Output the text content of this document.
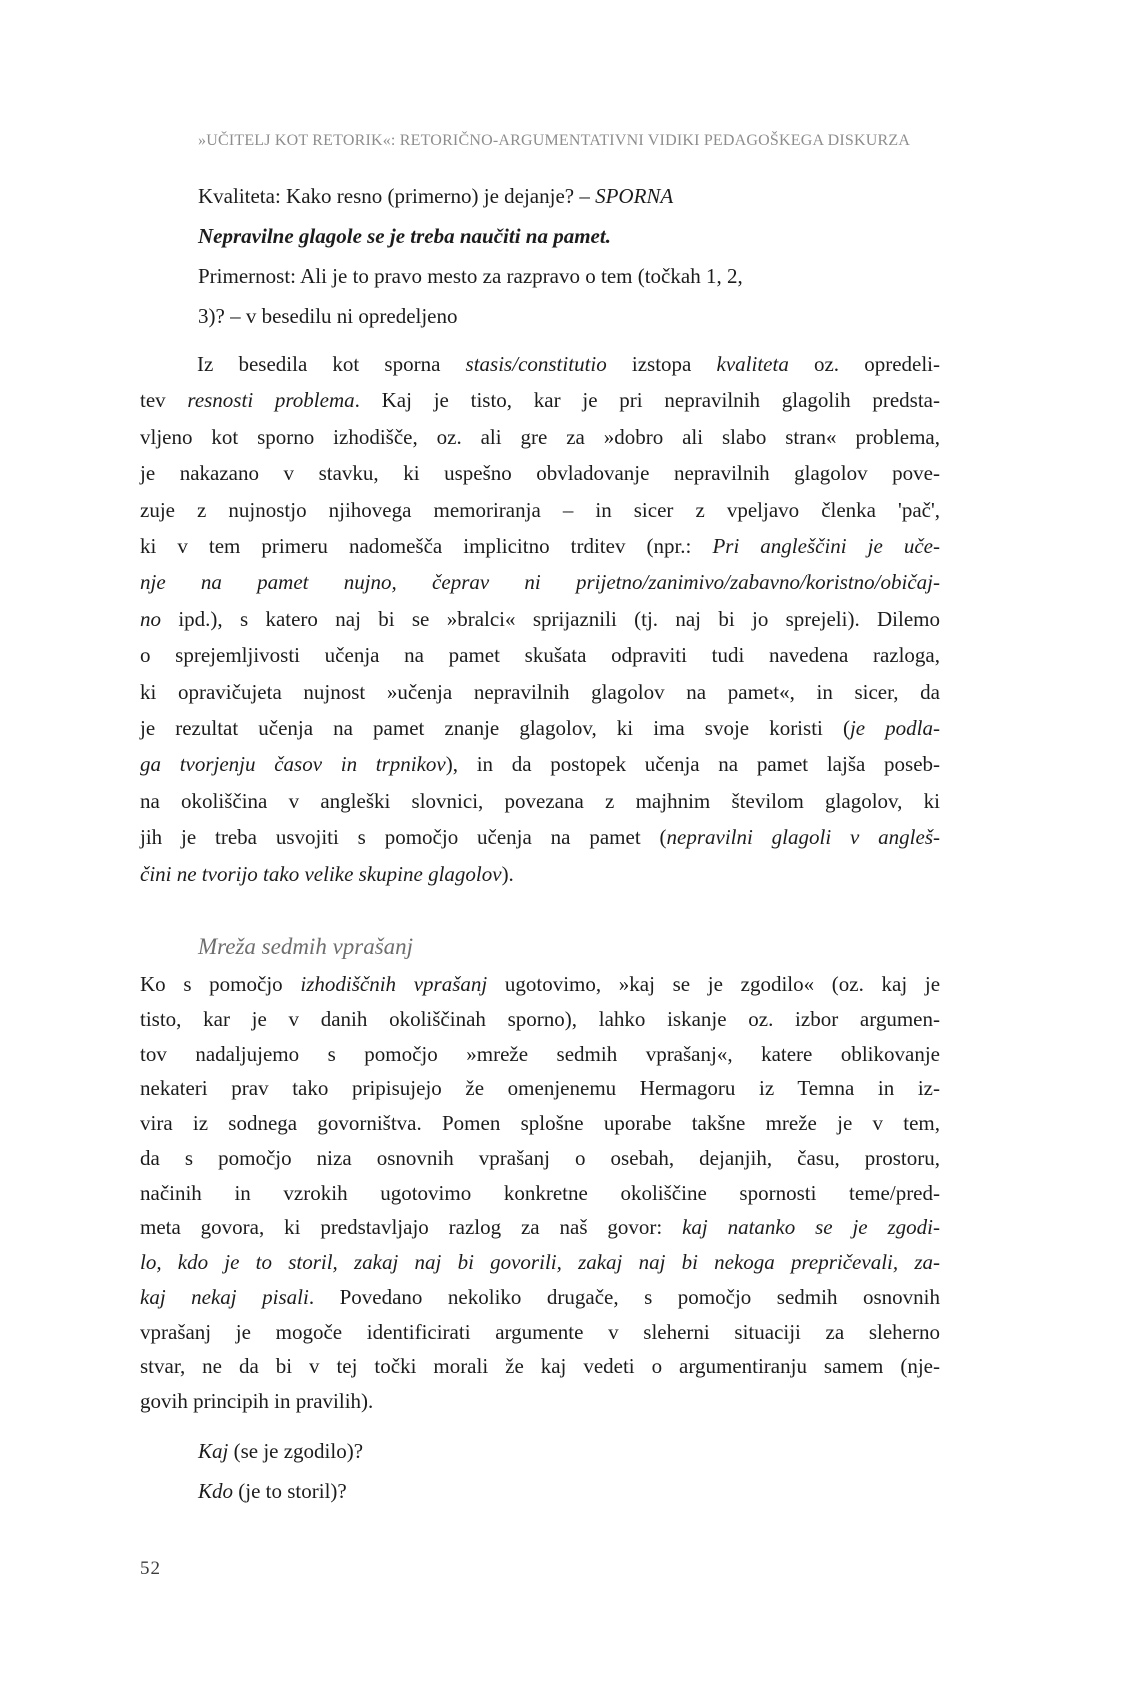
»UČITELJ KOT RETORIK«: RETORIČNO-ARGUMENTATIVNI VIDIKI PEDAGOŠKEGA DISKURZA
Kvaliteta: Kako resno (primerno) je dejanje? – SPORNA
Nepravilne glagole se je treba naučiti na pamet.
Primernost: Ali je to pravo mesto za razpravo o tem (točkah 1, 2,
3)? – v besedilu ni opredeljeno
Iz besedila kot sporna stasis/constitutio izstopa kvaliteta oz. opredeli-
tev resnosti problema. Kaj je tisto, kar je pri nepravilnih glagolih predsta-
vljeno kot sporno izhodišče, oz. ali gre za »dobro ali slabo stran« problema,
je nakazano v stavku, ki uspešno obvladovanje nepravilnih glagolov pove-
zuje z nujnostjo njihovega memoriranja – in sicer z vpeljavo členka 'pač',
ki v tem primeru nadomešča implicitno trditev (npr.: Pri angleščini je uče-
nje na pamet nujno, čeprav ni prijetno/zanimivo/zabavno/koristno/običaj-
no ipd.), s katero naj bi se »bralci« sprijaznili (tj. naj bi jo sprejeli). Dilemo
o sprejemljivosti učenja na pamet skušata odpraviti tudi navedena razloga,
ki opravičujeta nujnost »učenja nepravilnih glagolov na pamet«, in sicer, da
je rezultat učenja na pamet znanje glagolov, ki ima svoje koristi (je podla-
ga tvorjenju časov in trpnikov), in da postopek učenja na pamet lajša poseb-
na okoliščina v angleški slovnici, povezana z majhnim številom glagolov, ki
jih je treba usvojiti s pomočjo učenja na pamet (nepravilni glagoli v angleš-
čini ne tvorijo tako velike skupine glagolov).
Mreža sedmih vprašanj
Ko s pomočjo izhodiščnih vprašanj ugotovimo, »kaj se je zgodilo« (oz. kaj je
tisto, kar je v danih okoliščinah sporno), lahko iskanje oz. izbor argumen-
tov nadaljujemo s pomočjo »mreže sedmih vprašanj«, katere oblikovanje
nekateri prav tako pripisujejo že omenjenemu Hermagoru iz Temna in iz-
vira iz sodnega govorništva. Pomen splošne uporabe takšne mreže je v tem,
da s pomočjo niza osnovnih vprašanj o osebah, dejanjih, času, prostoru,
načinih in vzrokih ugotovimo konkretne okoliščine spornosti teme/pred-
meta govora, ki predstavljajo razlog za naš govor: kaj natanko se je zgodi-
lo, kdo je to storil, zakaj naj bi govorili, zakaj naj bi nekoga prepričevali, za-
kaj nekaj pisali. Povedano nekoliko drugače, s pomočjo sedmih osnovnih
vprašanj je mogoče identificirati argumente v sleherni situaciji za sleherno
stvar, ne da bi v tej točki morali že kaj vedeti o argumentiranju samem (nje-
govih principih in pravilih).
Kaj (se je zgodilo)?
Kdo (je to storil)?
52
